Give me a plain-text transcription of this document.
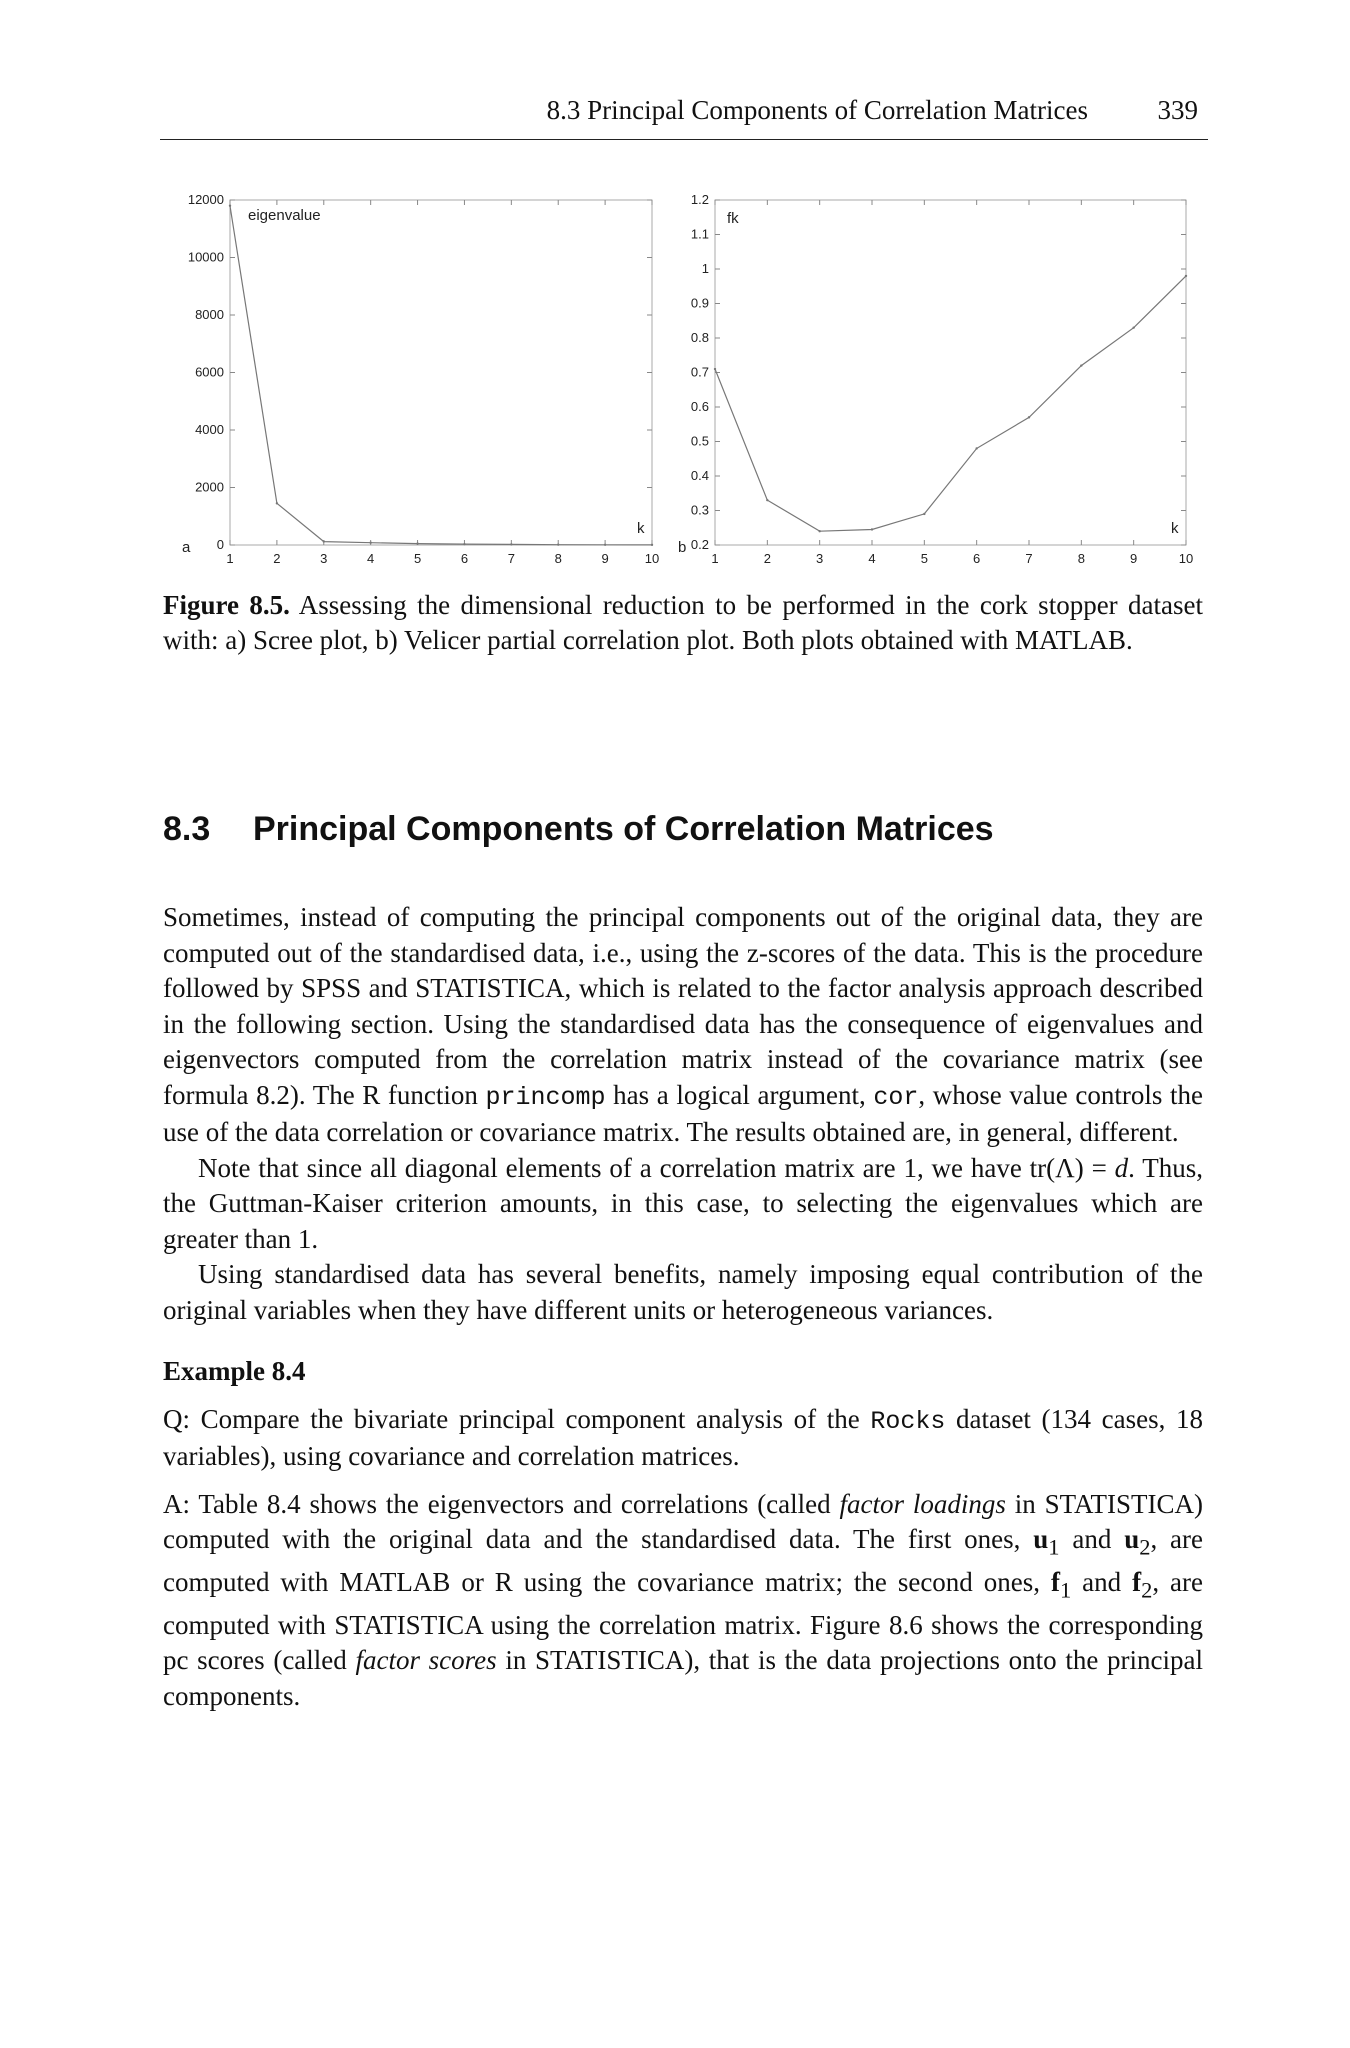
8.3 Principal Components of Correlation Matrices	339
1	2	3	4	5	6	7	8	9	10
0
2000
4000
6000
8000
10000
12000
eigenvalue
k
a
1	2	3	4	5	6	7	8	9	10
0.2
0.3
0.4
0.5
0.6
0.7
0.8
0.9
1
1.1
1.2
fk
k
b
Figure 8.5. Assessing the dimensional reduction to be performed in the cork stopper dataset with: a) Scree plot, b) Velicer partial correlation plot. Both plots obtained with MATLAB.
8.3 Principal Components of Correlation Matrices

Sometimes, instead of computing the principal components out of the original data, they are computed out of the standardised data, i.e., using the z-scores of the data. This is the procedure followed by SPSS and STATISTICA, which is related to the factor analysis approach described in the following section. Using the standardised data has the consequence of eigenvalues and eigenvectors computed from the correlation matrix instead of the covariance matrix (see formula 8.2). The R function princomp has a logical argument, cor, whose value controls the use of the data correlation or covariance matrix. The results obtained are, in general, different.

Note that since all diagonal elements of a correlation matrix are 1, we have tr(Λ) = d. Thus, the Guttman-Kaiser criterion amounts, in this case, to selecting the eigenvalues which are greater than 1.

Using standardised data has several benefits, namely imposing equal contribution of the original variables when they have different units or heterogeneous variances.

Example 8.4

Q: Compare the bivariate principal component analysis of the Rocks dataset (134 cases, 18 variables), using covariance and correlation matrices.

A: Table 8.4 shows the eigenvectors and correlations (called factor loadings in STATISTICA) computed with the original data and the standardised data. The first ones, $u_1$ and $u_2$, are computed with MATLAB or R using the covariance matrix; the second ones, $f_1$ and $f_2$, are computed with STATISTICA using the correlation matrix. Figure 8.6 shows the corresponding pc scores (called factor scores in STATISTICA), that is the data projections onto the principal components.
